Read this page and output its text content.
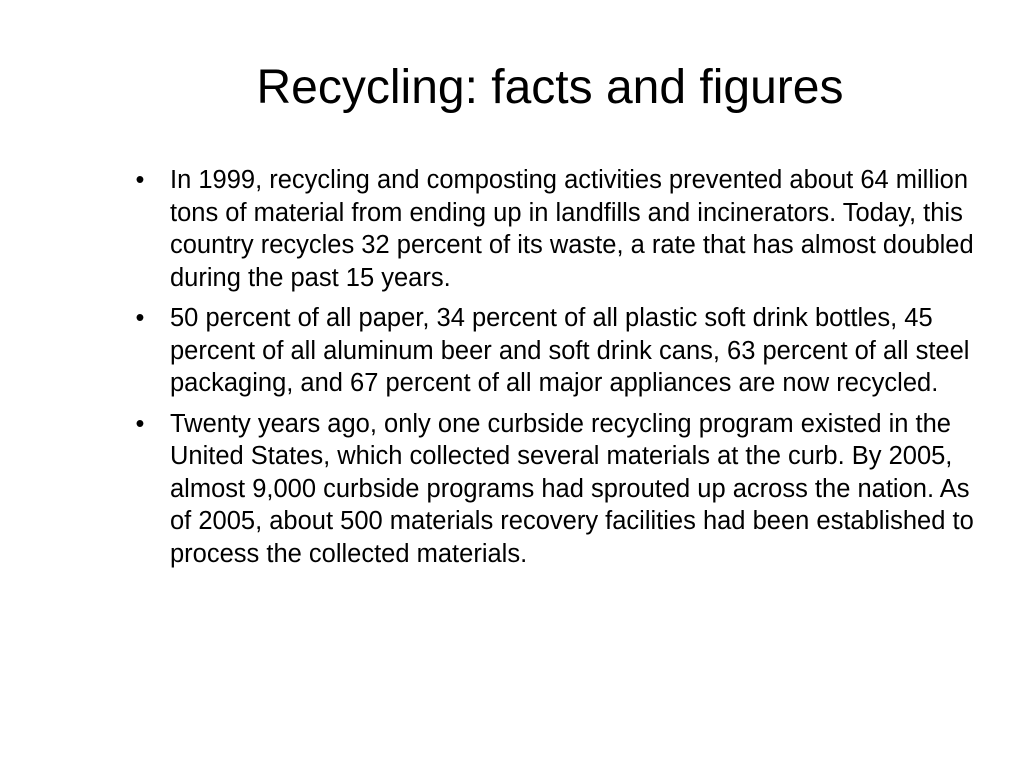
Recycling: facts and figures
• In 1999, recycling and composting activities prevented about 64 million tons of material from ending up in landfills and incinerators. Today, this country recycles 32 percent of its waste, a rate that has almost doubled during the past 15 years.
• 50 percent of all paper, 34 percent of all plastic soft drink bottles, 45 percent of all aluminum beer and soft drink cans, 63 percent of all steel packaging, and 67 percent of all major appliances are now recycled.
• Twenty years ago, only one curbside recycling program existed in the United States, which collected several materials at the curb. By 2005, almost 9,000 curbside programs had sprouted up across the nation. As of 2005, about 500 materials recovery facilities had been established to process the collected materials.
